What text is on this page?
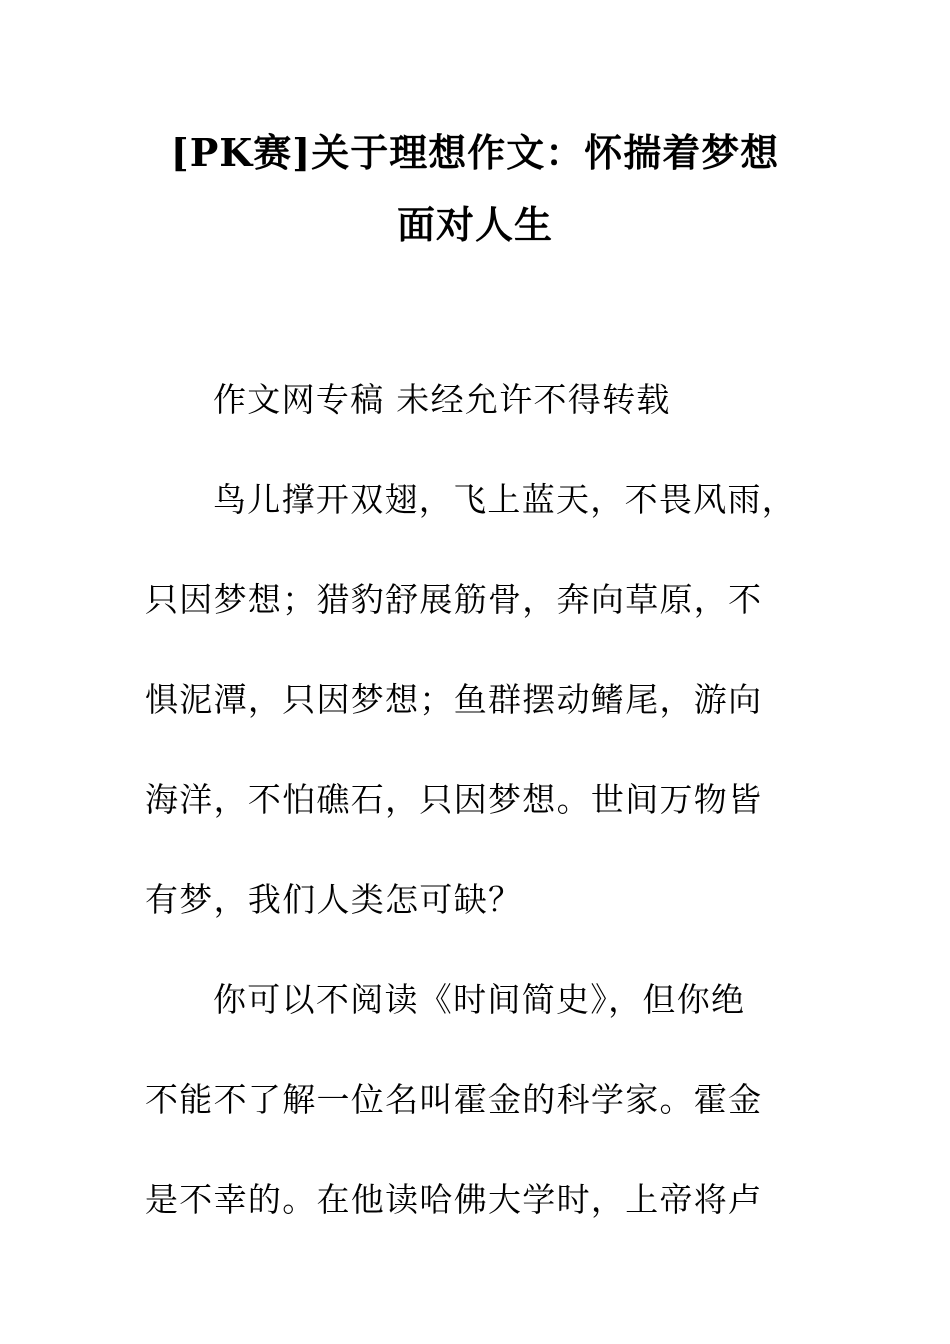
[PK赛]关于理想作文：怀揣着梦想
面对人生
作文网专稿 未经允许不得转载
鸟儿撑开双翅，飞上蓝天，不畏风雨，
只因梦想；猎豹舒展筋骨，奔向草原，不
惧泥潭，只因梦想；鱼群摆动鳍尾，游向
海洋，不怕礁石，只因梦想。世间万物皆
有梦，我们人类怎可缺？
你可以不阅读《时间简史》，但你绝
不能不了解一位名叫霍金的科学家。霍金
是不幸的。在他读哈佛大学时，上帝将卢
